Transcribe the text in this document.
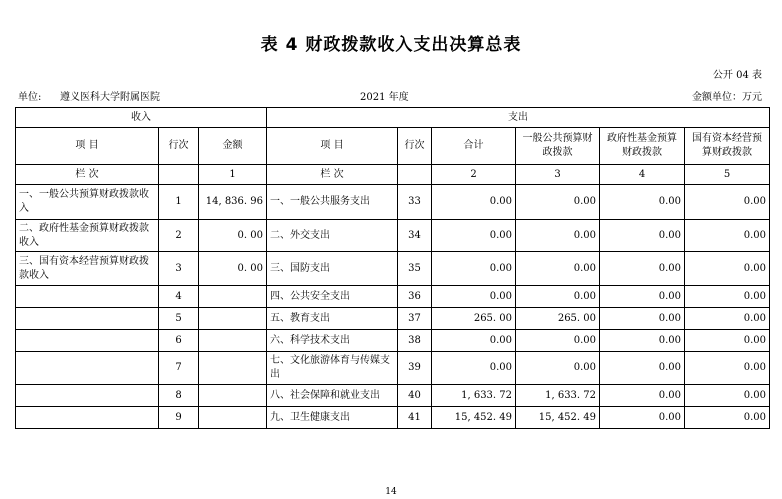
表 4 财政拨款收入支出决算总表
公开 04 表
单位: 遵义医科大学附属医院	2021 年度	金额单位：万元
收入			支出					
项 目	行次	金额	项 目	行次	合计	一般公共预算财政拨款	政府性基金预算财政拨款	国有资本经营预算财政拨款
栏 次		1	栏 次		2	3	4	5
一、一般公共预算财政拨款收入	1	14, 836. 96	一、一般公共服务支出	33	0.00	0.00	0.00	0.00
二、政府性基金预算财政拨款收入	2	0. 00	二、外交支出	34	0.00	0.00	0.00	0.00
三、国有资本经营预算财政拨款收入	3	0. 00	三、国防支出	35	0.00	0.00	0.00	0.00
	4		四、公共安全支出	36	0.00	0.00	0.00	0.00
	5		五、教育支出	37	265. 00	265. 00	0.00	0.00
	6		六、科学技术支出	38	0.00	0.00	0.00	0.00
	7		七、文化旅游体育与传媒支出	39	0.00	0.00	0.00	0.00
	8		八、社会保障和就业支出	40	1, 633. 72	1, 633. 72	0.00	0.00
	9		九、卫生健康支出	41	15, 452. 49	15, 452. 49	0.00	0.00
14
